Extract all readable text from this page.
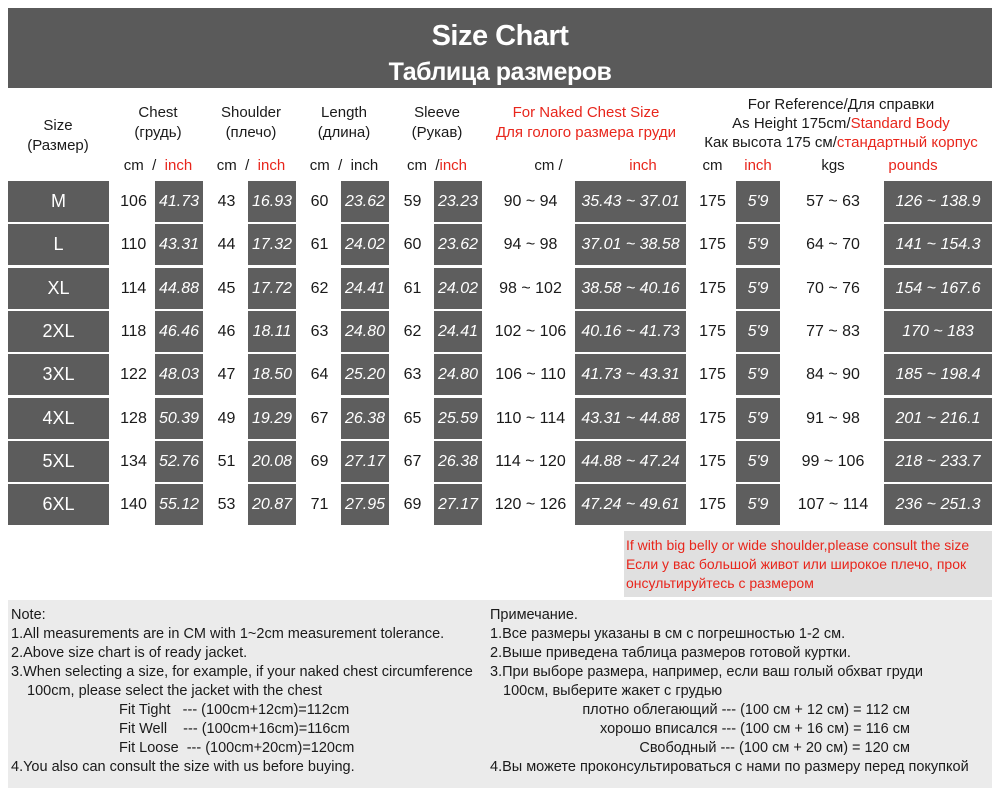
Size Chart
Таблица размеров
Size
(Размер)
Chest
(грудь)
Shoulder
(плечо)
Length
(длина)
Sleeve
(Рукав)
For Naked Chest Size
Для голого размера груди
For Reference/Для справки
As Height 175cm/Standard Body
Как высота 175 см/стандартный корпус
cm / inch	cm / inch	cm / inch	cm /inch	cm /	inch	cm	inch	kgs	pounds
M	106 41.73	43	16.93	60	23.62	59	23.23	90 ~ 94	35.43 ~ 37.01	175	5'9	57 ~ 63	126 ~ 138.9
L	110 43.31	44	17.32	61	24.02	60	23.62	94 ~ 98	37.01 ~ 38.58	175	5'9	64 ~ 70	141 ~ 154.3
XL	114 44.88	45	17.72	62	24.41	61	24.02	98 ~ 102	38.58 ~ 40.16	175	5'9	70 ~ 76	154 ~ 167.6
2XL	118 46.46	46	18.11	63	24.80	62	24.41	102 ~ 106 40.16 ~ 41.73	175	5'9	77 ~ 83	170 ~ 183
3XL	122 48.03	47	18.50	64	25.20	63	24.80	106 ~ 110 41.73 ~ 43.31	175	5'9	84 ~ 90	185 ~ 198.4
4XL	128 50.39	49	19.29	67	26.38	65	25.59	110 ~ 114	43.31 ~ 44.88	175	5'9	91 ~ 98	201 ~ 216.1
5XL	134 52.76	51	20.08	69	27.17	67	26.38	114 ~ 120 44.88 ~ 47.24	175	5'9	99 ~ 106	218 ~ 233.7
6XL	140 55.12	53	20.87	71	27.95	69	27.17	120 ~ 126 47.24 ~ 49.61	175	5'9	107 ~ 114	236 ~ 251.3
If with big belly or wide shoulder,please consult the size
Если у вас большой живот или широкое плечо, прок
онсультируйтесь с размером
Note:
1.All measurements are in CM with 1~2cm measurement tolerance.
2.Above size chart is of ready jacket.
3.When selecting a size, for example, if your naked chest circumference
100cm, please select the jacket with the chest
Fit Tight   --- (100cm+12cm)=112cm
Fit Well    --- (100cm+16cm)=116cm
Fit Loose  --- (100cm+20cm)=120cm
4.You also can consult the size with us before buying.
Примечание.
1.Все размеры указаны в см с погрешностью 1-2 см.
2.Выше приведена таблица размеров готовой куртки.
3.При выборе размера, например, если ваш голый обхват груди
100см, выберите жакет с грудью
плотно облегающий --- (100 см + 12 см) = 112 см
хорошо вписался --- (100 см + 16 см) = 116 см
Свободный --- (100 см + 20 см) = 120 см
4.Вы можете проконсультироваться с нами по размеру перед покупкой
